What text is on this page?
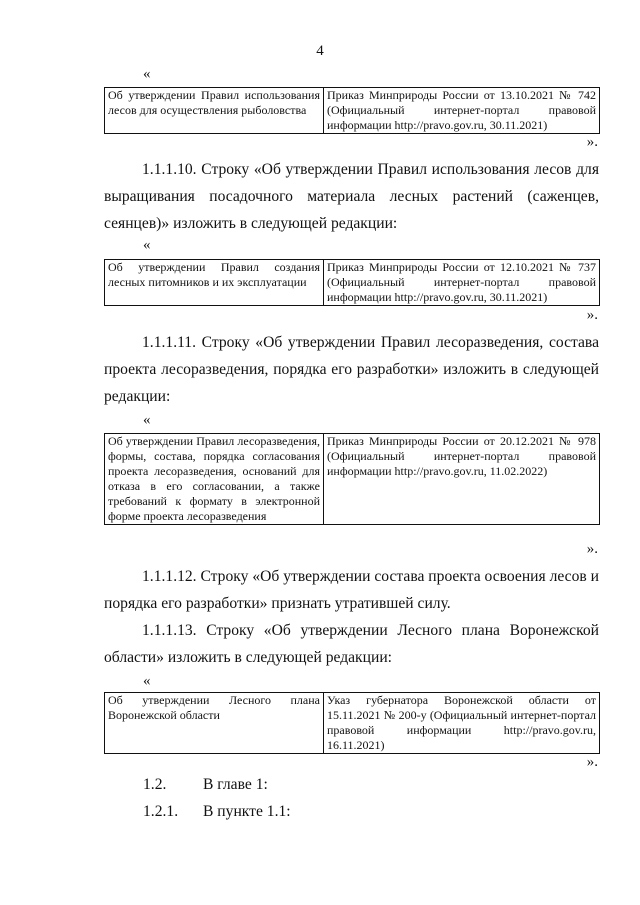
4
«
Об утверждении Правил использования лесов для осуществления рыболовства	Приказ Минприроды России от 13.10.2021 № 742 (Официальный интернет-портал правовой информации http://pravo.gov.ru, 30.11.2021)
».
1.1.1.10. Строку «Об утверждении Правил использования лесов для выращивания посадочного материала лесных растений (саженцев, сеянцев)» изложить в следующей редакции:
«
Об утверждении Правил создания лесных питомников и их эксплуатации	Приказ Минприроды России от 12.10.2021 № 737 (Официальный интернет-портал правовой информации http://pravo.gov.ru, 30.11.2021)
».
1.1.1.11. Строку «Об утверждении Правил лесоразведения, состава проекта лесоразведения, порядка его разработки» изложить в следующей редакции:
«
Об утверждении Правил лесоразведения, формы, состава, порядка согласования проекта лесоразведения, оснований для отказа в его согласовании, а также требований к формату в электронной форме проекта лесоразведения	Приказ Минприроды России от 20.12.2021 № 978 (Официальный интернет-портал правовой информации http://pravo.gov.ru, 11.02.2022)
».
1.1.1.12. Строку «Об утверждении состава проекта освоения лесов и порядка его разработки» признать утратившей силу.
1.1.1.13. Строку «Об утверждении Лесного плана Воронежской области» изложить в следующей редакции:
«
Об утверждении Лесного плана Воронежской области	Указ губернатора Воронежской области от 15.11.2021 № 200-у (Официальный интернет-портал правовой информации http://pravo.gov.ru, 16.11.2021)
».
1.2. В главе 1:
1.2.1. В пункте 1.1:
